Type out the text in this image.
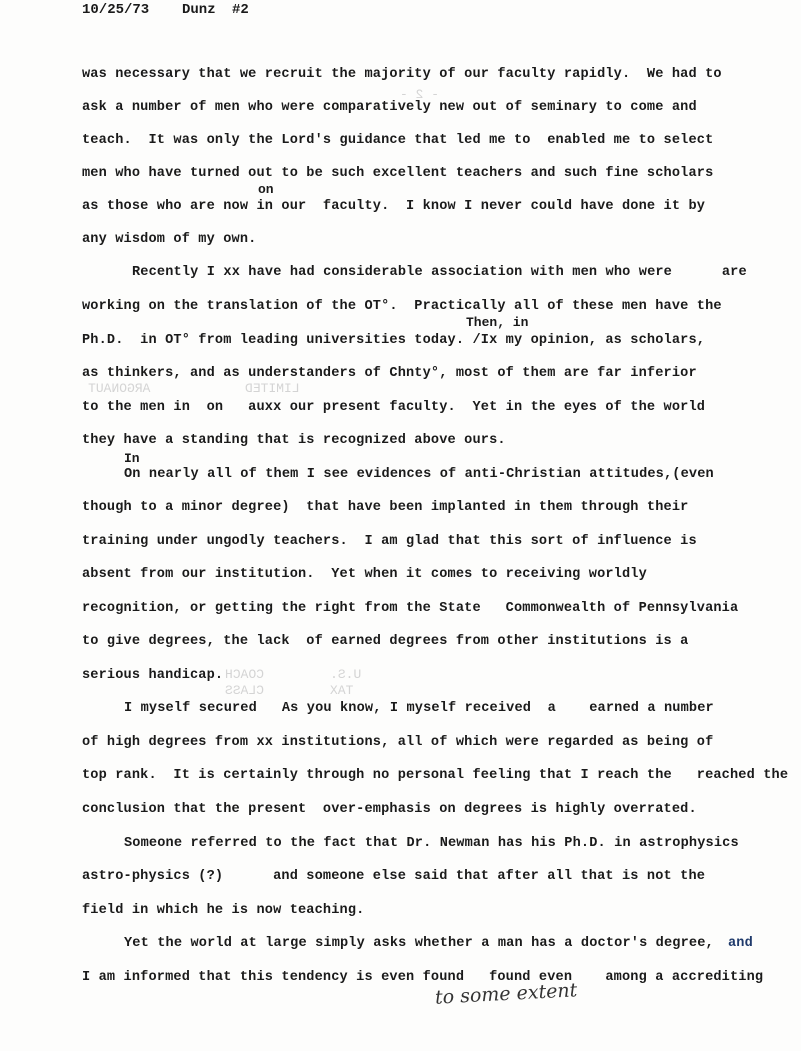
- 2 -
ARGONAUT	LIMITED
COACH
CLASS
U.S.
TAX
10/25/73 Dunz #2
was necessary that we recruit the majority of our faculty rapidly.  We had to
ask a number of men who were comparatively new out of seminary to come and
teach.  It was only the Lord's guidance that led me to  enabled me to select
men who have turned out to be such excellent teachers and such fine scholars
on
as those who are now in our  faculty.  I know I never could have done it by
any wisdom of my own.
Recently I xx have had considerable association with men who were      are
working on the translation of the OT°.  Practically all of these men have the
Then, in
Ph.D.  in OT° from leading universities today. /Ix my opinion, as scholars,
as thinkers, and as understanders of Chnty°, most of them are far inferior
to the men in  on   auxx our present faculty.  Yet in the eyes of the world
they have a standing that is recognized above ours.
In
On nearly all of them I see evidences of anti-Christian attitudes,(even
though to a minor degree)  that have been implanted in them through their
training under ungodly teachers.  I am glad that this sort of influence is
absent from our institution.  Yet when it comes to receiving worldly
recognition, or getting the right from the State   Commonwealth of Pennsylvania
to give degrees, the lack  of earned degrees from other institutions is a
serious handicap.
I myself secured   As you know, I myself received  a    earned a number
of high degrees from xx institutions, all of which were regarded as being of
top rank.  It is certainly through no personal feeling that I reach the   reached the
conclusion that the present  over-emphasis on degrees is highly overrated.
Someone referred to the fact that Dr. Newman has his Ph.D. in astrophysics
astro-physics (?)      and someone else said that after all that is not the
field in which he is now teaching.
Yet the world at large simply asks whether a man has a doctor's degree, and
I am informed that this tendency is even found   found even    among a accrediting
to some extent
